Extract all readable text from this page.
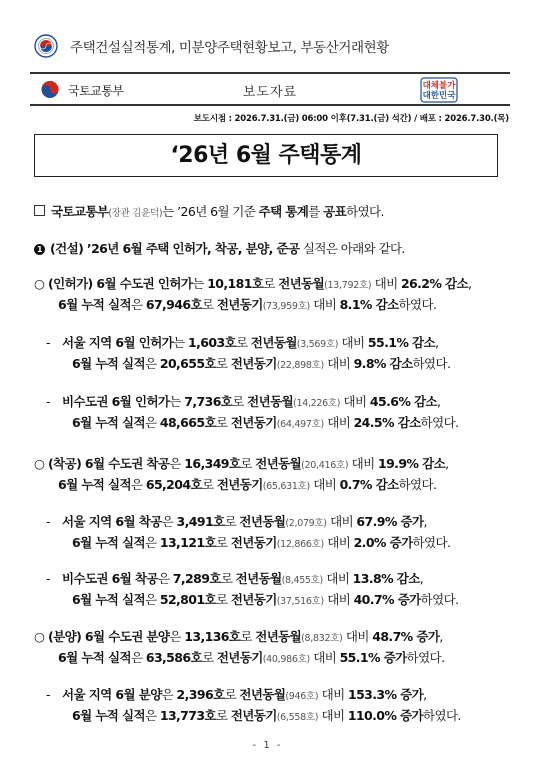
주택건설실적통계, 미분양주택현황보고, 부동산거래현황
국토교통부	보도자료	대체불가
대한민국
보도시점 : 2026.7.31.(금) 06:00 이후(7.31.(금) 석간) / 배포 : 2026.7.30.(목)
‘26년 6월 주택통계
국토교통부(장관 김윤덕)는 ’26년 6월 기준 주택 통계를 공표하였다.
1 (건설) ’26년 6월 주택 인허가, 착공, 분양, 준공 실적은 아래와 같다.
○ (인허가) 6월 수도권 인허가는 10,181호로 전년동월(13,792호) 대비 26.2% 감소,
6월 누적 실적은 67,946호로 전년동기(73,959호) 대비 8.1% 감소하였다.
- 서울 지역 6월 인허가는 1,603호로 전년동월(3,569호) 대비 55.1% 감소,
6월 누적 실적은 20,655호로 전년동기(22,898호) 대비 9.8% 감소하였다.
- 비수도권 6월 인허가는 7,736호로 전년동월(14,226호) 대비 45.6% 감소,
6월 누적 실적은 48,665호로 전년동기(64,497호) 대비 24.5% 감소하였다.
○ (착공) 6월 수도권 착공은 16,349호로 전년동월(20,416호) 대비 19.9% 감소,
6월 누적 실적은 65,204호로 전년동기(65,631호) 대비 0.7% 감소하였다.
- 서울 지역 6월 착공은 3,491호로 전년동월(2,079호) 대비 67.9% 증가,
6월 누적 실적은 13,121호로 전년동기(12,866호) 대비 2.0% 증가하였다.
- 비수도권 6월 착공은 7,289호로 전년동월(8,455호) 대비 13.8% 감소,
6월 누적 실적은 52,801호로 전년동기(37,516호) 대비 40.7% 증가하였다.
○ (분양) 6월 수도권 분양은 13,136호로 전년동월(8,832호) 대비 48.7% 증가,
6월 누적 실적은 63,586호로 전년동기(40,986호) 대비 55.1% 증가하였다.
- 서울 지역 6월 분양은 2,396호로 전년동월(946호) 대비 153.3% 증가,
6월 누적 실적은 13,773호로 전년동기(6,558호) 대비 110.0% 증가하였다.
- 1 -
